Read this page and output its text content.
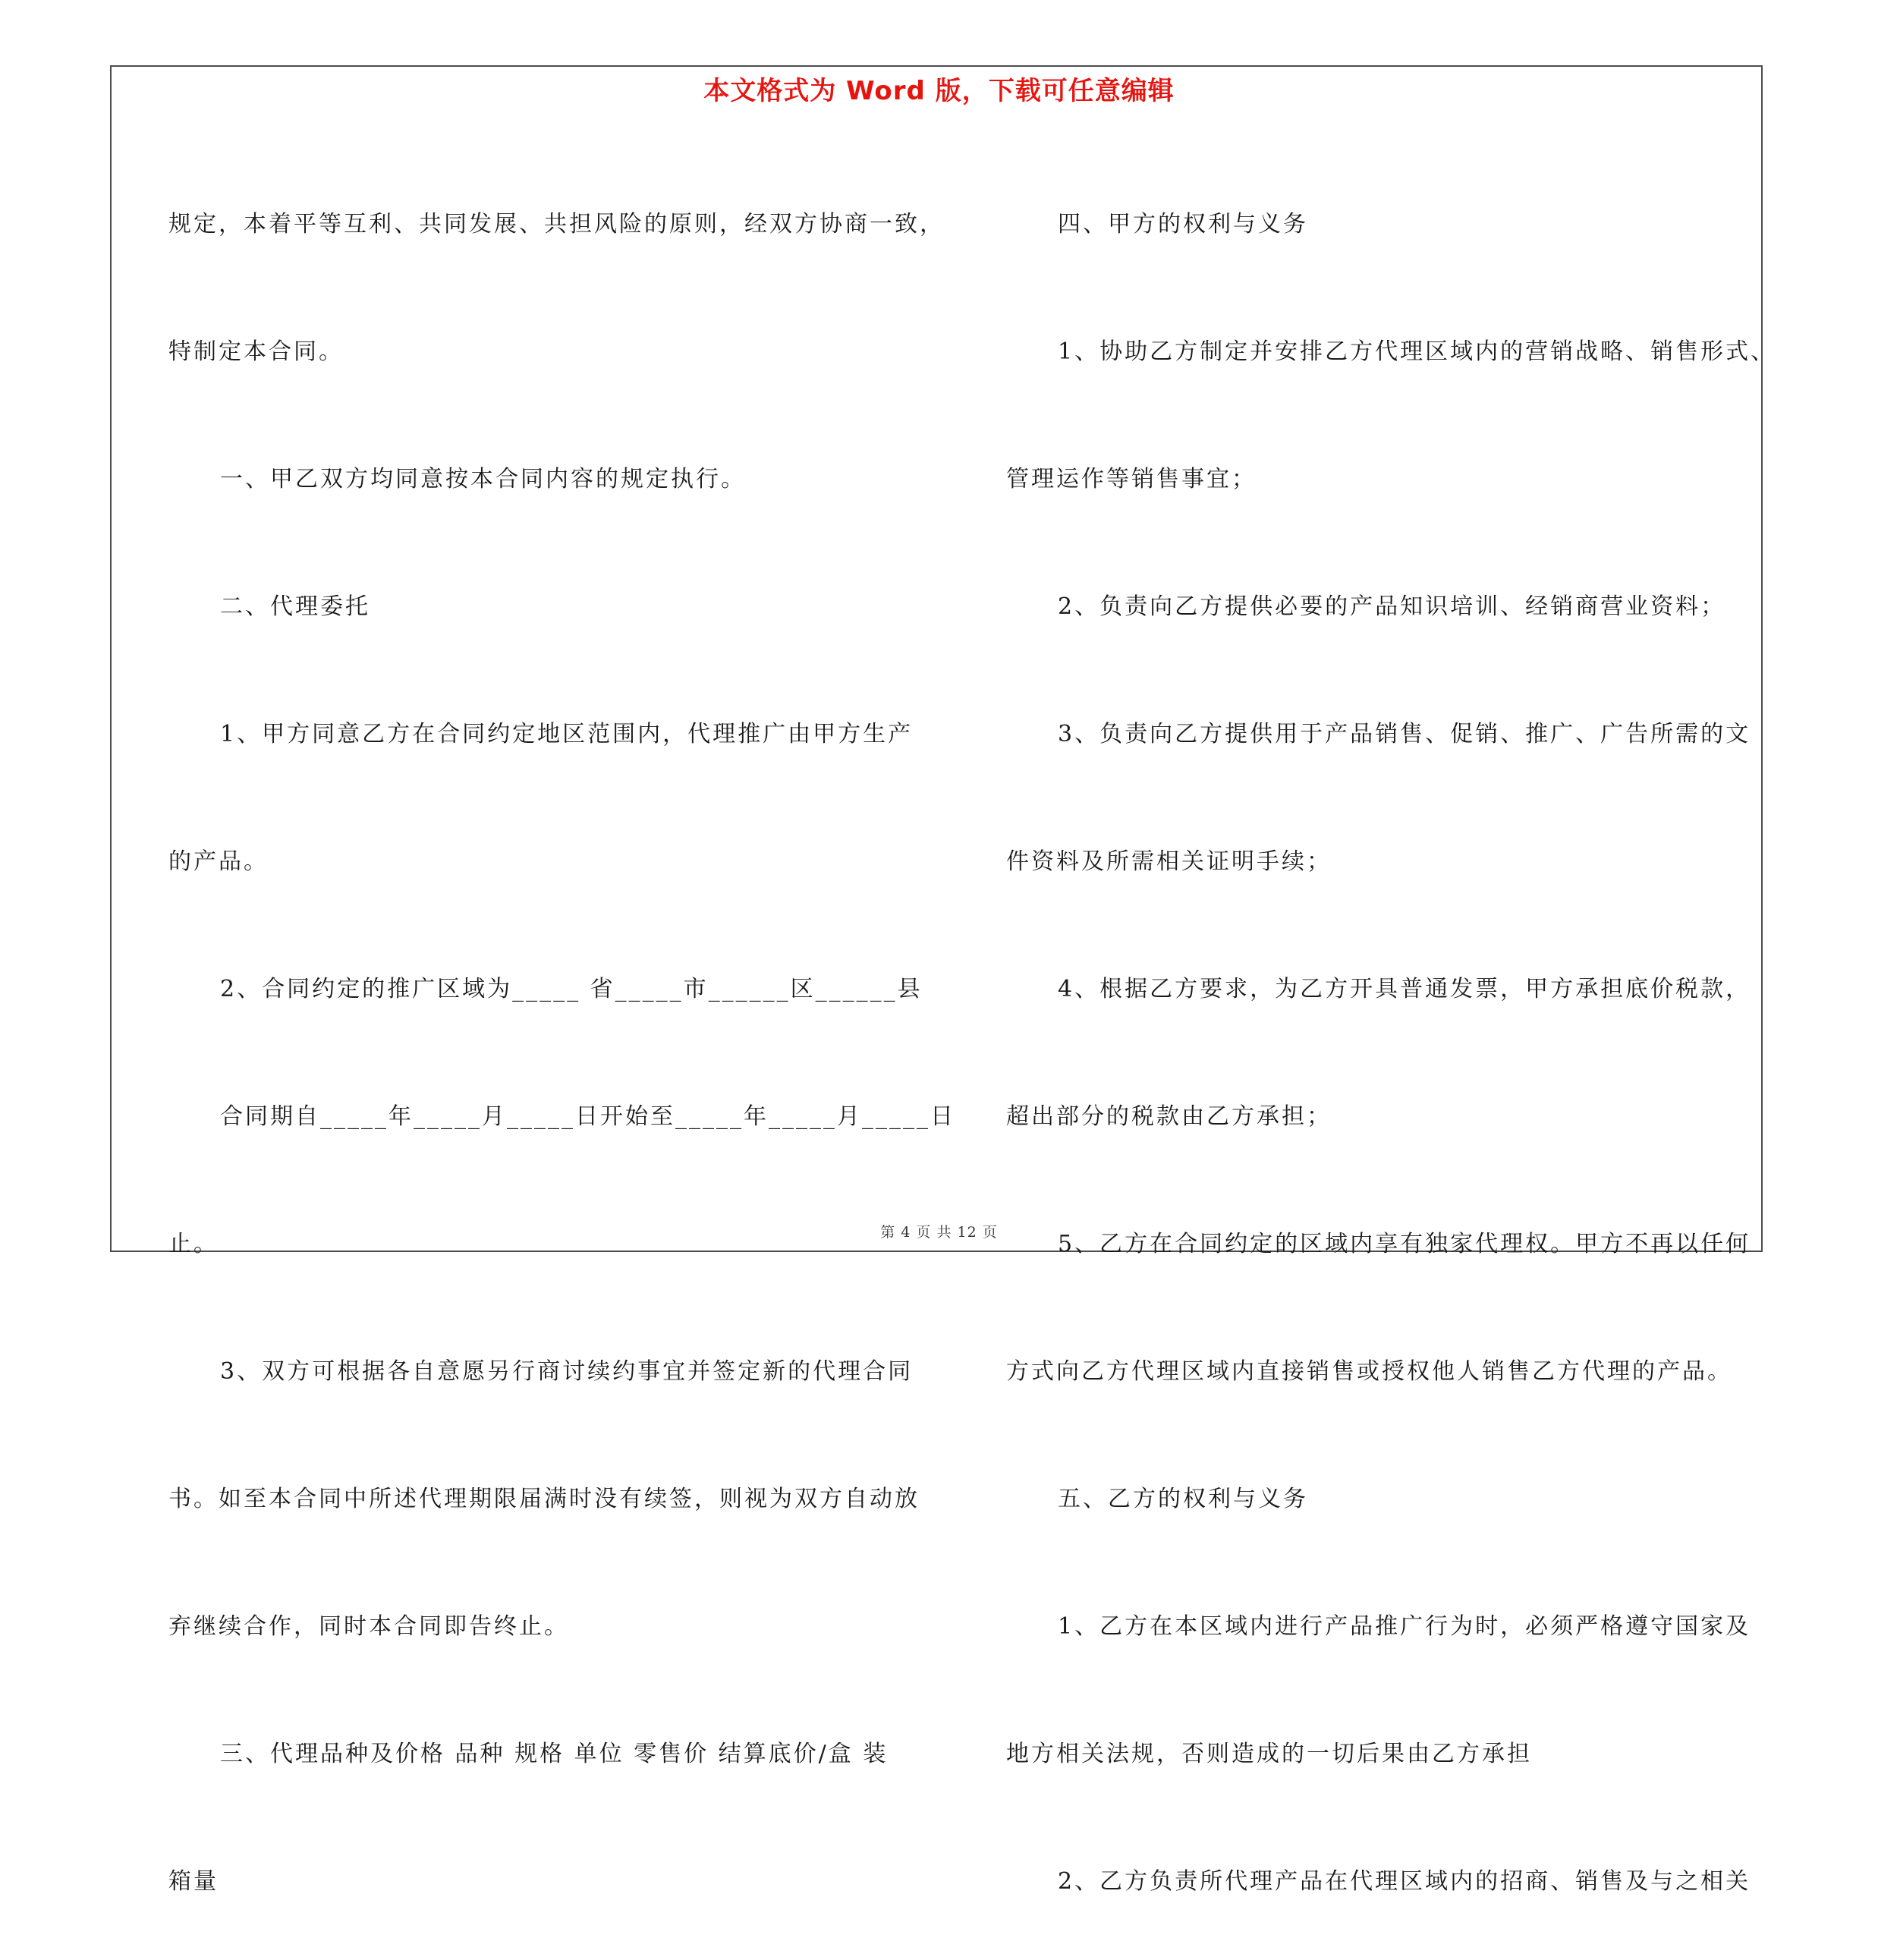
本文格式为 Word 版，下载可任意编辑

规定，本着平等互利、共同发展、共担风险的原则，经双方协商一致，

特制定本合同。

一、甲乙双方均同意按本合同内容的规定执行。

二、代理委托

1、甲方同意乙方在合同约定地区范围内，代理推广由甲方生产

的产品。

2、合同约定的推广区域为_____ 省_____市______区______县

合同期自_____年_____月_____日开始至_____年_____月_____日

止。

3、双方可根据各自意愿另行商讨续约事宜并签定新的代理合同

书。如至本合同中所述代理期限届满时没有续签，则视为双方自动放

弃继续合作，同时本合同即告终止。

三、代理品种及价格 品种 规格 单位 零售价 结算底价/盒 装

箱量

四、甲方的权利与义务

1、协助乙方制定并安排乙方代理区域内的营销战略、销售形式、

管理运作等销售事宜；

2、负责向乙方提供必要的产品知识培训、经销商营业资料；

3、负责向乙方提供用于产品销售、促销、推广、广告所需的文

件资料及所需相关证明手续；

4、根据乙方要求，为乙方开具普通发票，甲方承担底价税款，

超出部分的税款由乙方承担；

5、乙方在合同约定的区域内享有独家代理权。甲方不再以任何

方式向乙方代理区域内直接销售或授权他人销售乙方代理的产品。

五、乙方的权利与义务

1、乙方在本区域内进行产品推广行为时，必须严格遵守国家及

地方相关法规，否则造成的一切后果由乙方承担

2、乙方负责所代理产品在代理区域内的招商、销售及与之相关

第 4 页 共 12 页
